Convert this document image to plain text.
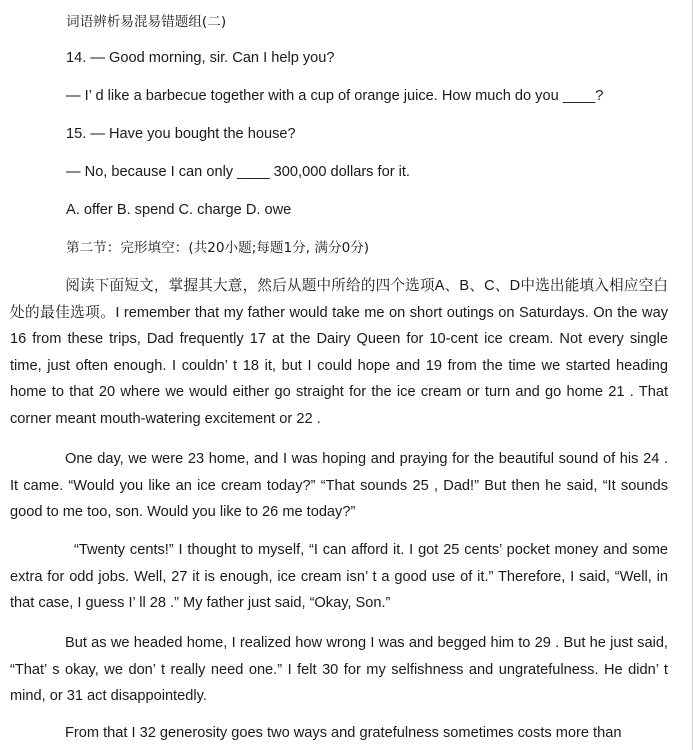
词语辨析易混易错题组(二)
14. — Good morning, sir. Can I help you?
— I’ d like a barbecue together with a cup of orange juice. How much do you ____?
15. — Have you bought the house?
— No, because I can only ____ 300,000 dollars for it.
A. offer B. spend C. charge D. owe
第二节：完形填空：(共20小题;每题1分, 满分0分)

阅读下面短文，掌握其大意，然后从题中所给的四个选项A、B、C、D中选出能填入相应空白处的最佳选项。I remember that my father would take me on short outings on Saturdays. On the way 16 from these trips, Dad frequently 17 at the Dairy Queen for 10-cent ice cream. Not every single time, just often enough. I couldn’ t 18 it, but I could hope and 19 from the time we started heading home to that 20 where we would either go straight for the ice cream or turn and go home 21 . That corner meant mouth-watering excitement or 22 .

One day, we were 23 home, and I was hoping and praying for the beautiful sound of his 24 . It came. “Would you like an ice cream today?” “That sounds 25 , Dad!” But then he said, “It sounds good to me too, son. Would you like to 26 me today?”

“Twenty cents!” I thought to myself, “I can afford it. I got 25 cents’ pocket money and some extra for odd jobs. Well, 27 it is enough, ice cream isn’ t a good use of it.” Therefore, I said, “Well, in that case, I guess I’ ll 28 .” My father just said, “Okay, Son.”

But as we headed home, I realized how wrong I was and begged him to 29 . But he just said, “That’ s okay, we don’ t really need one.” I felt 30 for my selfishness and ungratefulness. He didn’ t mind, or 31 act disappointedly.

From that I 32 generosity goes two ways and gratefulness sometimes costs more than
